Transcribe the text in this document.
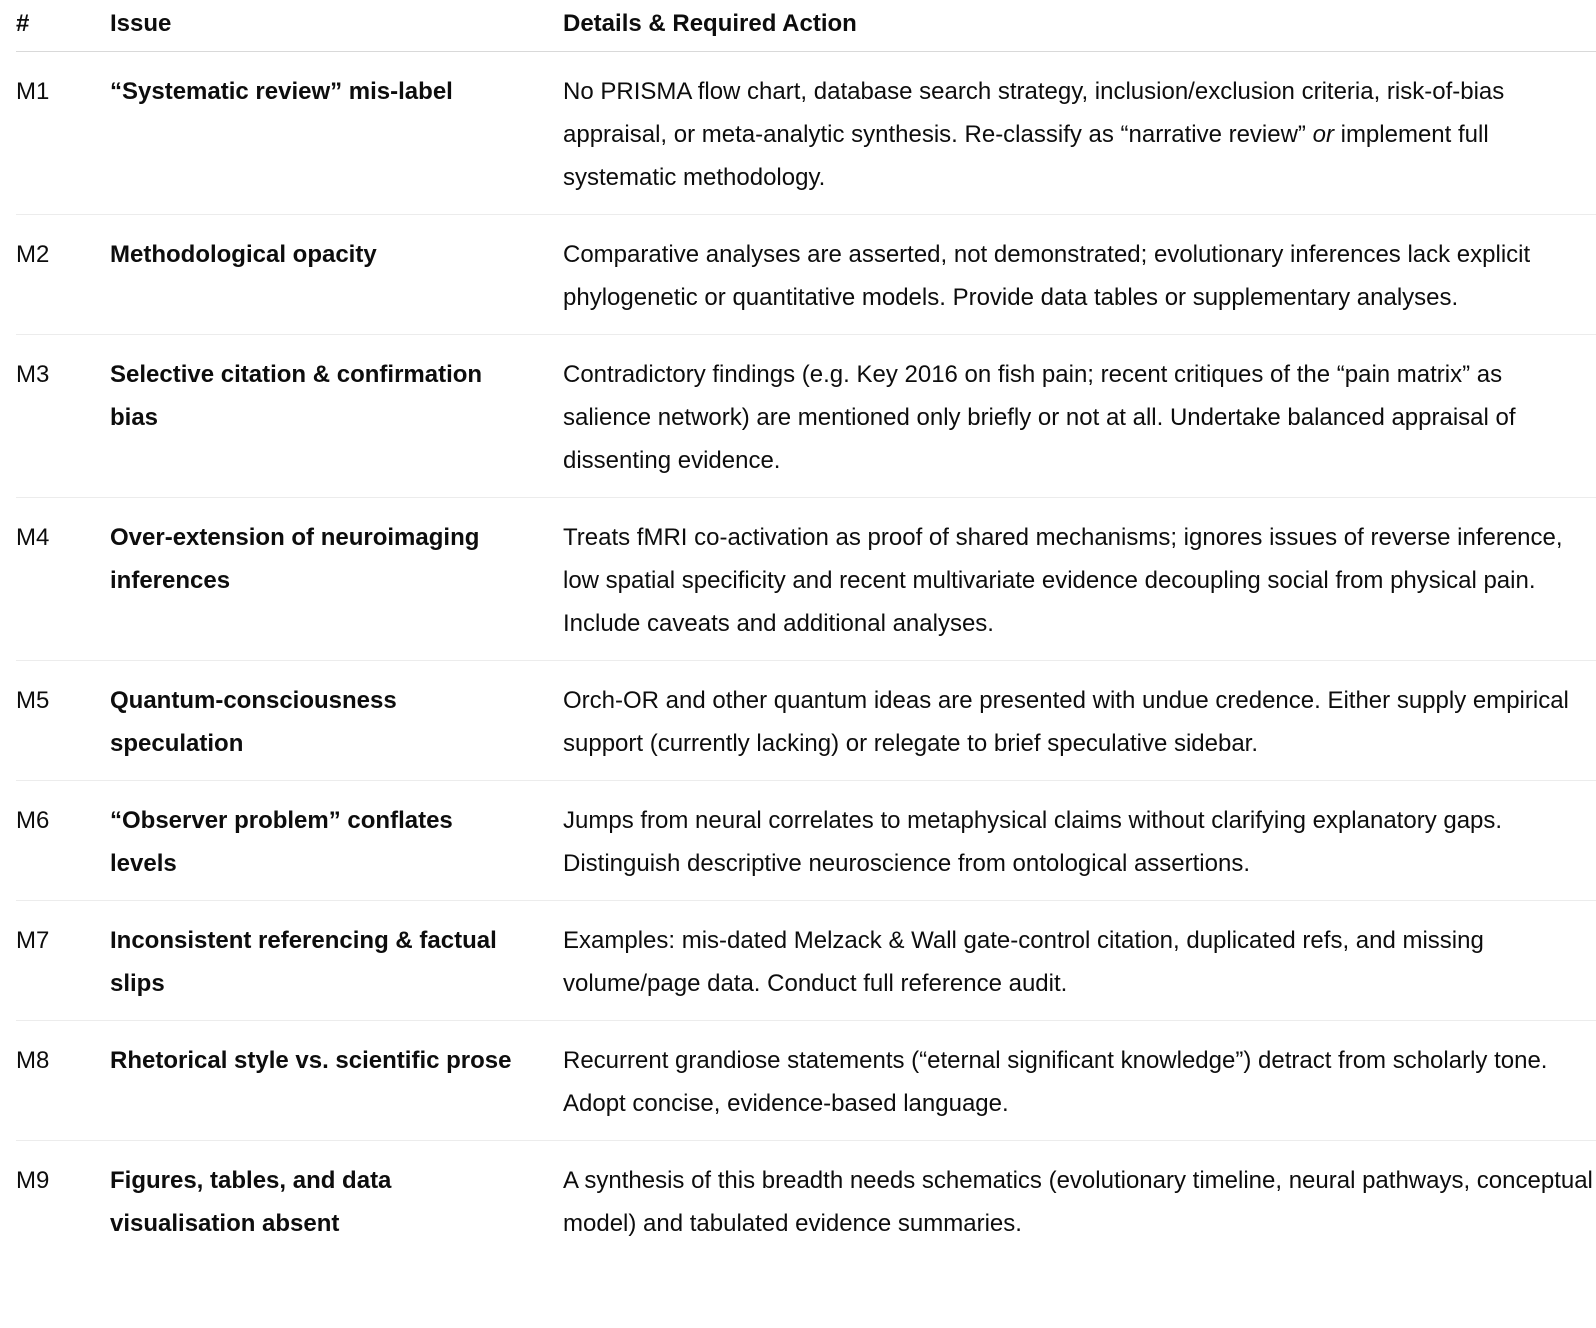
#	Issue	Details & Required Action
M1	“Systematic review” mis-label	No PRISMA flow chart, database search strategy, inclusion/exclusion criteria, risk-of-bias appraisal, or meta-analytic synthesis. Re-classify as “narrative review” or implement full systematic methodology.
M2	Methodological opacity	Comparative analyses are asserted, not demonstrated; evolutionary inferences lack explicit phylogenetic or quantitative models. Provide data tables or supplementary analyses.
M3	Selective citation & confirmation bias	Contradictory findings (e.g. Key 2016 on fish pain; recent critiques of the “pain matrix” as salience network) are mentioned only briefly or not at all. Undertake balanced appraisal of dissenting evidence.
M4	Over-extension of neuroimaging inferences	Treats fMRI co-activation as proof of shared mechanisms; ignores issues of reverse inference, low spatial specificity and recent multivariate evidence decoupling social from physical pain. Include caveats and additional analyses.
M5	Quantum-consciousness speculation	Orch-OR and other quantum ideas are presented with undue credence. Either supply empirical support (currently lacking) or relegate to brief speculative sidebar.
M6	“Observer problem” conflates levels	Jumps from neural correlates to metaphysical claims without clarifying explanatory gaps. Distinguish descriptive neuroscience from ontological assertions.
M7	Inconsistent referencing & factual slips	Examples: mis-dated Melzack & Wall gate-control citation, duplicated refs, and missing volume/page data. Conduct full reference audit.
M8	Rhetorical style vs. scientific prose	Recurrent grandiose statements (“eternal significant knowledge”) detract from scholarly tone. Adopt concise, evidence-based language.
M9	Figures, tables, and data visualisation absent	A synthesis of this breadth needs schematics (evolutionary timeline, neural pathways, conceptual model) and tabulated evidence summaries.
